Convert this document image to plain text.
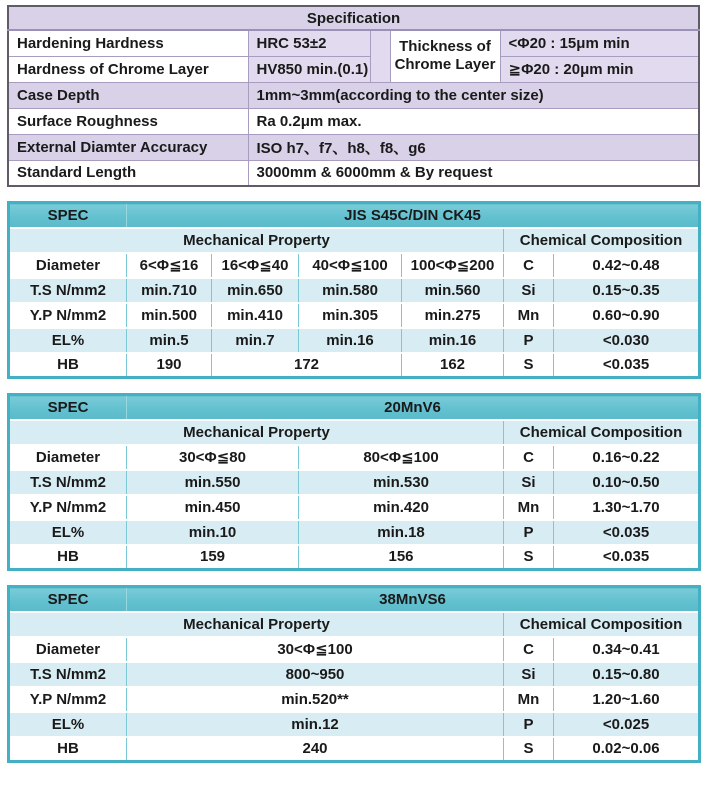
Specification				
Hardening Hardness	HRC 53±2		Thickness of Chrome Layer	<Φ20 : 15μm min
Hardness of Chrome Layer	HV850 min.(0.1)			≧Φ20 : 20μm min
Case Depth	1mm~3mm(according to the center size)			
Surface Roughness	Ra 0.2μm max.			
External Diamter Accuracy	ISO h7、f7、h8、f8、g6			
Standard Length	3000mm & 6000mm & By request			
SPEC	JIS S45C/DIN CK45					
Mechanical Property					Chemical Composition	
Diameter	6<Φ≦16	16<Φ≦40	40<Φ≦100	100<Φ≦200	C	0.42~0.48
T.S N/mm2	min.710	min.650	min.580	min.560	Si	0.15~0.35
Y.P N/mm2	min.500	min.410	min.305	min.275	Mn	0.60~0.90
EL%	min.5	min.7	min.16	min.16	P	<0.030
HB	190	172		162	S	<0.035
SPEC	20MnV6			
Mechanical Property			Chemical Composition	
Diameter	30<Φ≦80	80<Φ≦100	C	0.16~0.22
T.S N/mm2	min.550	min.530	Si	0.10~0.50
Y.P N/mm2	min.450	min.420	Mn	1.30~1.70
EL%	min.10	min.18	P	<0.035
HB	159	156	S	<0.035
SPEC	38MnVS6		
Mechanical Property		Chemical Composition	
Diameter	30<Φ≦100	C	0.34~0.41
T.S N/mm2	800~950	Si	0.15~0.80
Y.P N/mm2	min.520**	Mn	1.20~1.60
EL%	min.12	P	<0.025
HB	240	S	0.02~0.06
